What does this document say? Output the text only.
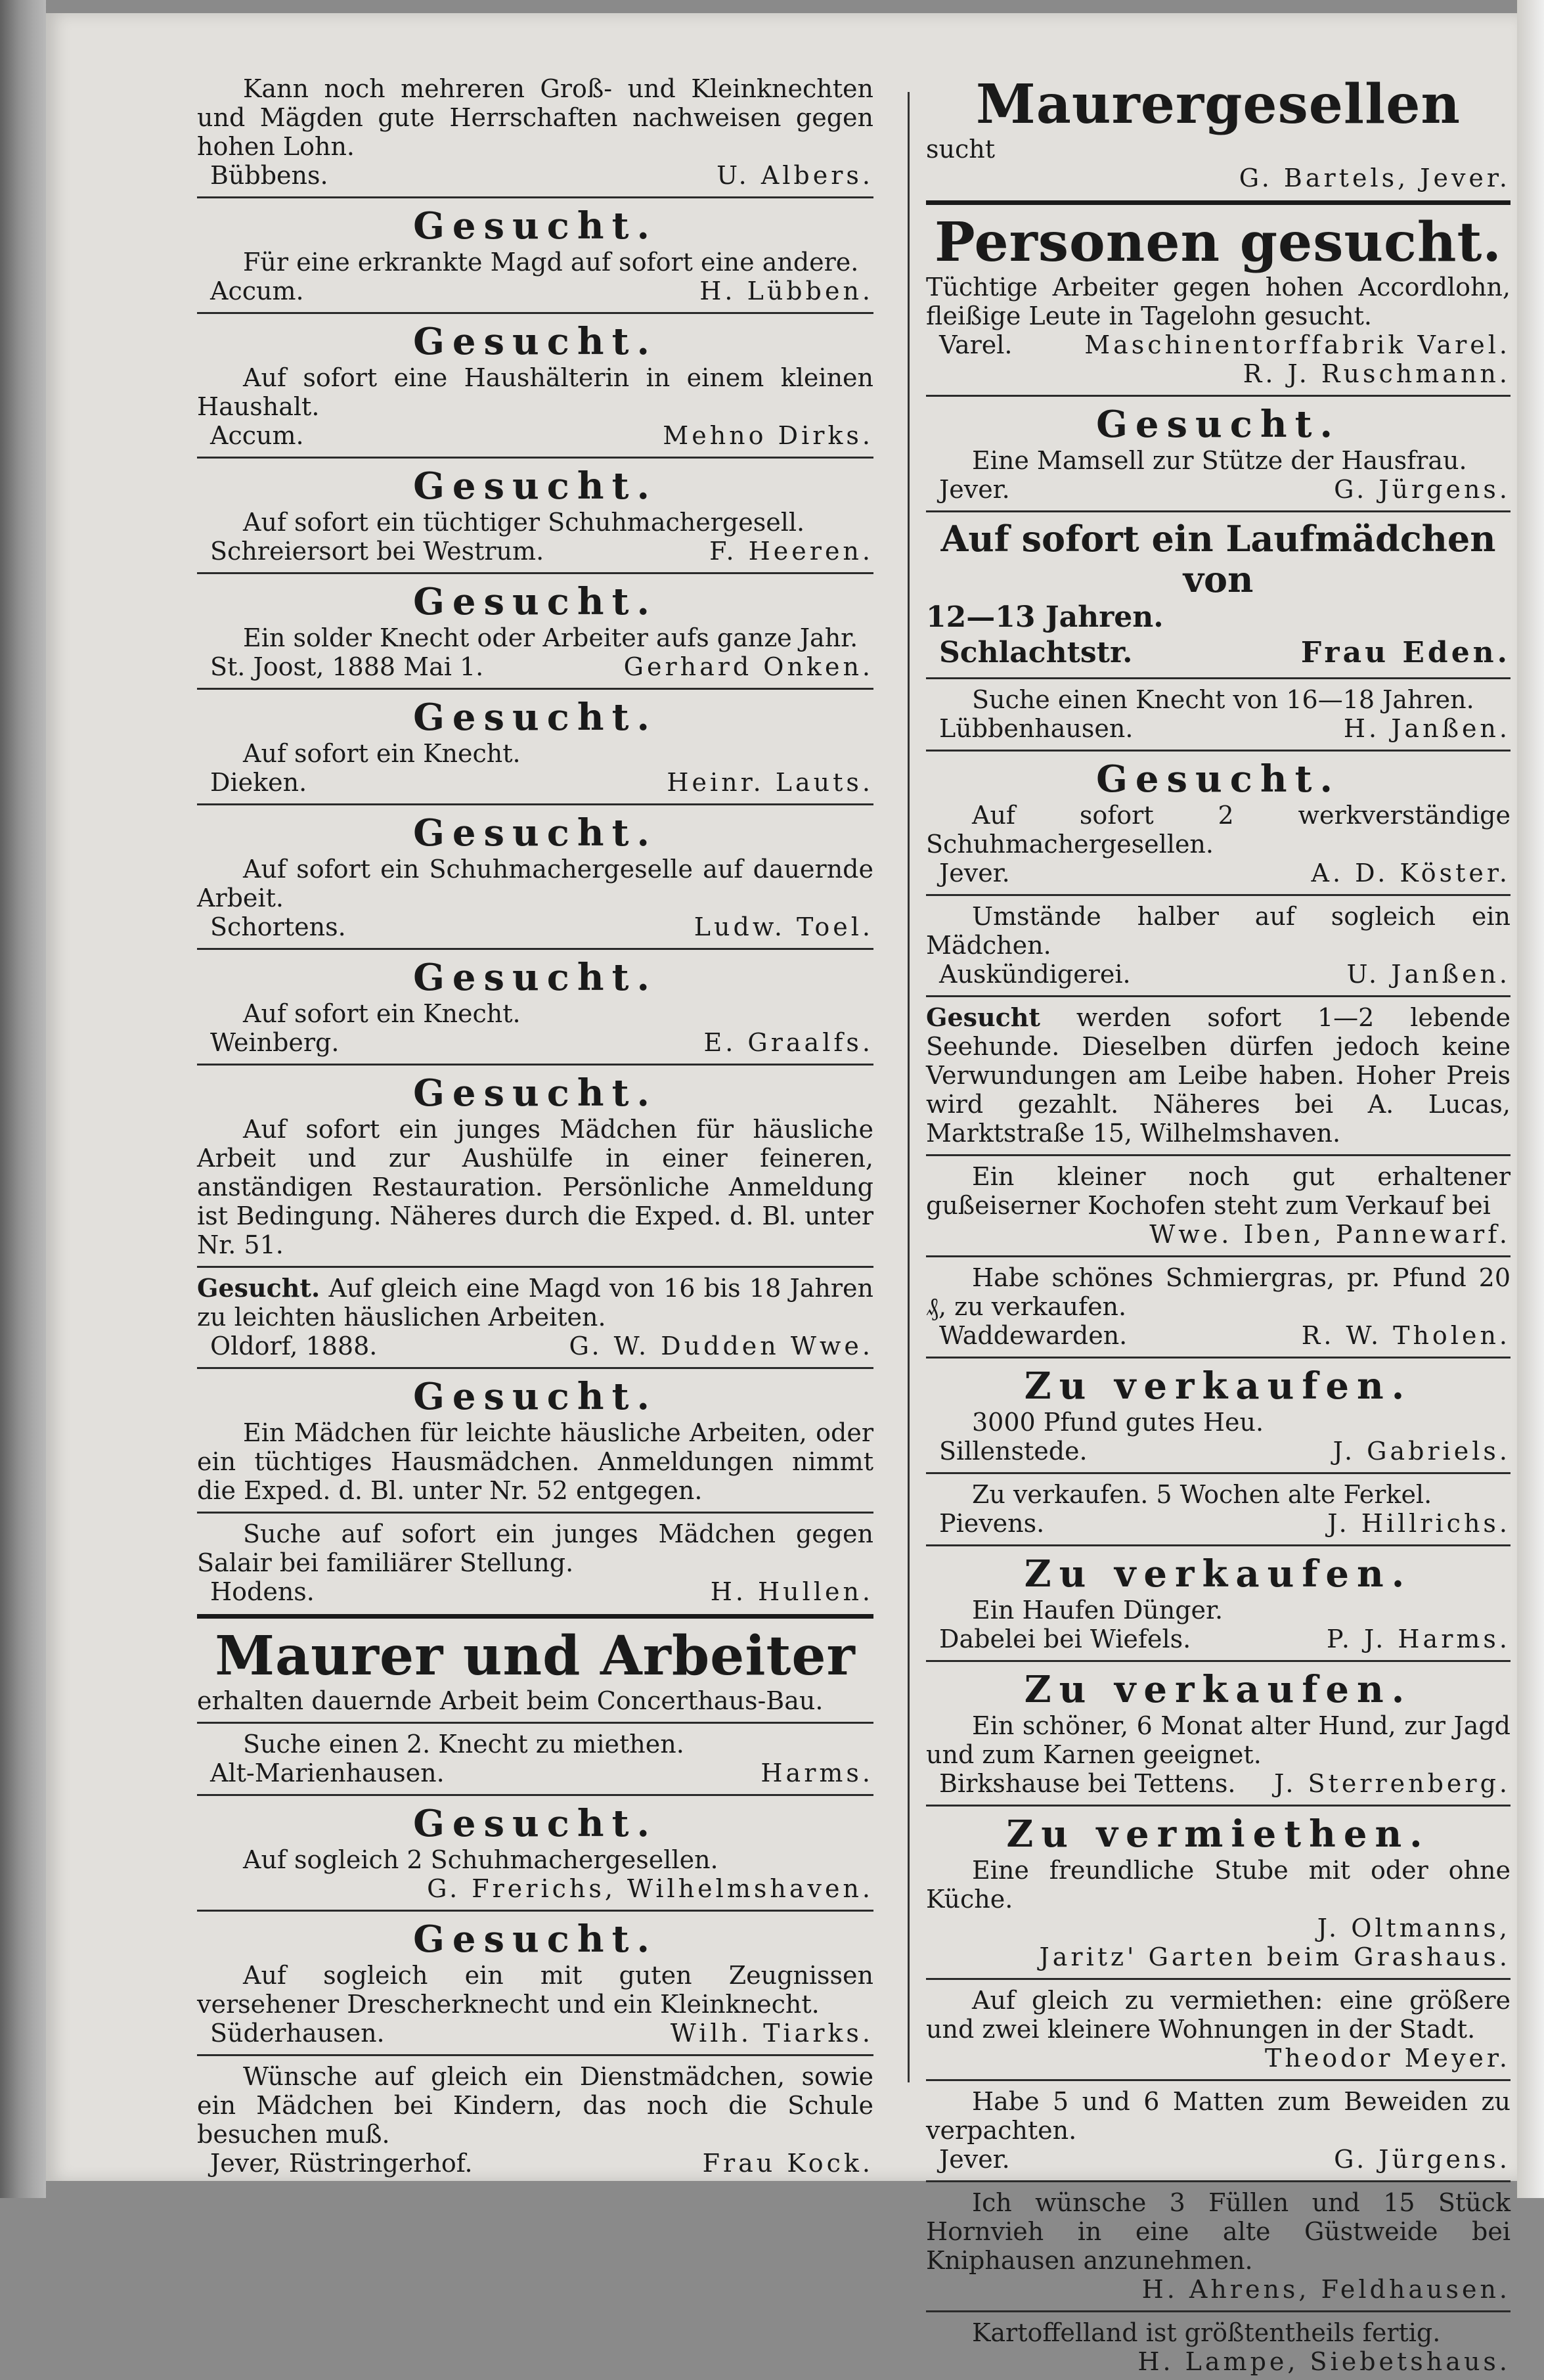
Kann noch mehreren Groß- und Kleinknechten und Mägden gute Herrschaften nachweisen gegen hohen Lohn.
Bübbens.	U. Albers.
Gesucht.
Für eine erkrankte Magd auf sofort eine andere.
Accum.	H. Lübben.
Gesucht.
Auf sofort eine Haushälterin in einem kleinen Haushalt.
Accum.	Mehno Dirks.
Gesucht.
Auf sofort ein tüchtiger Schuhmachergesell.
Schreiersort bei Westrum.	F. Heeren.
Gesucht.
Ein solder Knecht oder Arbeiter aufs ganze Jahr.
St. Joost, 1888 Mai 1.	Gerhard Onken.
Gesucht.
Auf sofort ein Knecht.
Dieken.	Heinr. Lauts.
Gesucht.
Auf sofort ein Schuhmachergeselle auf dauernde Arbeit.
Schortens.	Ludw. Toel.
Gesucht.
Auf sofort ein Knecht.
Weinberg.	E. Graalfs.
Gesucht.
Auf sofort ein junges Mädchen für häusliche Arbeit und zur Aushülfe in einer feineren, anständigen Restauration. Persönliche Anmeldung ist Bedingung. Näheres durch die Exped. d. Bl. unter Nr. 51.
Gesucht. Auf gleich eine Magd von 16 bis 18 Jahren zu leichten häuslichen Arbeiten.
Oldorf, 1888.	G. W. Dudden Wwe.
Gesucht.
Ein Mädchen für leichte häusliche Arbeiten, oder ein tüchtiges Hausmädchen. Anmeldungen nimmt die Exped. d. Bl. unter Nr. 52 entgegen.
Suche auf sofort ein junges Mädchen gegen Salair bei familiärer Stellung.
Hodens.	H. Hullen.
Maurer und Arbeiter
erhalten dauernde Arbeit beim Concerthaus-Bau.
Suche einen 2. Knecht zu miethen.
Alt-Marienhausen.	Harms.
Gesucht.
Auf sogleich 2 Schuhmachergesellen.
G. Frerichs, Wilhelmshaven.
Gesucht.
Auf sogleich ein mit guten Zeugnissen versehener Drescherknecht und ein Kleinknecht.
Süderhausen.	Wilh. Tiarks.
Wünsche auf gleich ein Dienstmädchen, sowie ein Mädchen bei Kindern, das noch die Schule besuchen muß.
Jever, Rüstringerhof.	Frau Kock.
Maurergesellen
sucht
G. Bartels, Jever.
Personen gesucht.
Tüchtige Arbeiter gegen hohen Accordlohn, fleißige Leute in Tagelohn gesucht.
Varel.	Maschinentorffabrik Varel.
R. J. Ruschmann.
Gesucht.
Eine Mamsell zur Stütze der Hausfrau.
Jever.	G. Jürgens.
Auf sofort ein Laufmädchen von
12—13 Jahren.
Schlachtstr.	Frau Eden.
Suche einen Knecht von 16—18 Jahren.
Lübbenhausen.	H. Janßen.
Gesucht.
Auf sofort 2 werkverständige Schuhmachergesellen.
Jever.	A. D. Köster.
Umstände halber auf sogleich ein Mädchen.
Auskündigerei.	U. Janßen.
Gesucht werden sofort 1—2 lebende Seehunde. Dieselben dürfen jedoch keine Verwundungen am Leibe haben. Hoher Preis wird gezahlt. Näheres bei A. Lucas, Marktstraße 15, Wilhelmshaven.
Ein kleiner noch gut erhaltener gußeiserner Kochofen steht zum Verkauf bei
Wwe. Iben, Pannewarf.
Habe schönes Schmiergras, pr. Pfund 20 ₰, zu verkaufen.
Waddewarden.	R. W. Tholen.
Zu verkaufen.
3000 Pfund gutes Heu.
Sillenstede.	J. Gabriels.
Zu verkaufen. 5 Wochen alte Ferkel.
Pievens.	J. Hillrichs.
Zu verkaufen.
Ein Haufen Dünger.
Dabelei bei Wiefels.	P. J. Harms.
Zu verkaufen.
Ein schöner, 6 Monat alter Hund, zur Jagd und zum Karnen geeignet.
Birkshause bei Tettens. J. Sterrenberg.
Zu vermiethen.
Eine freundliche Stube mit oder ohne Küche.
J. Oltmanns,
Jaritz' Garten beim Grashaus.
Auf gleich zu vermiethen: eine größere und zwei kleinere Wohnungen in der Stadt.
Theodor Meyer.
Habe 5 und 6 Matten zum Beweiden zu verpachten.
Jever.	G. Jürgens.
Ich wünsche 3 Füllen und 15 Stück Hornvieh in eine alte Güstweide bei Kniphausen anzunehmen.
H. Ahrens, Feldhausen.
Kartoffelland ist größtentheils fertig.
H. Lampe, Siebetshaus.
